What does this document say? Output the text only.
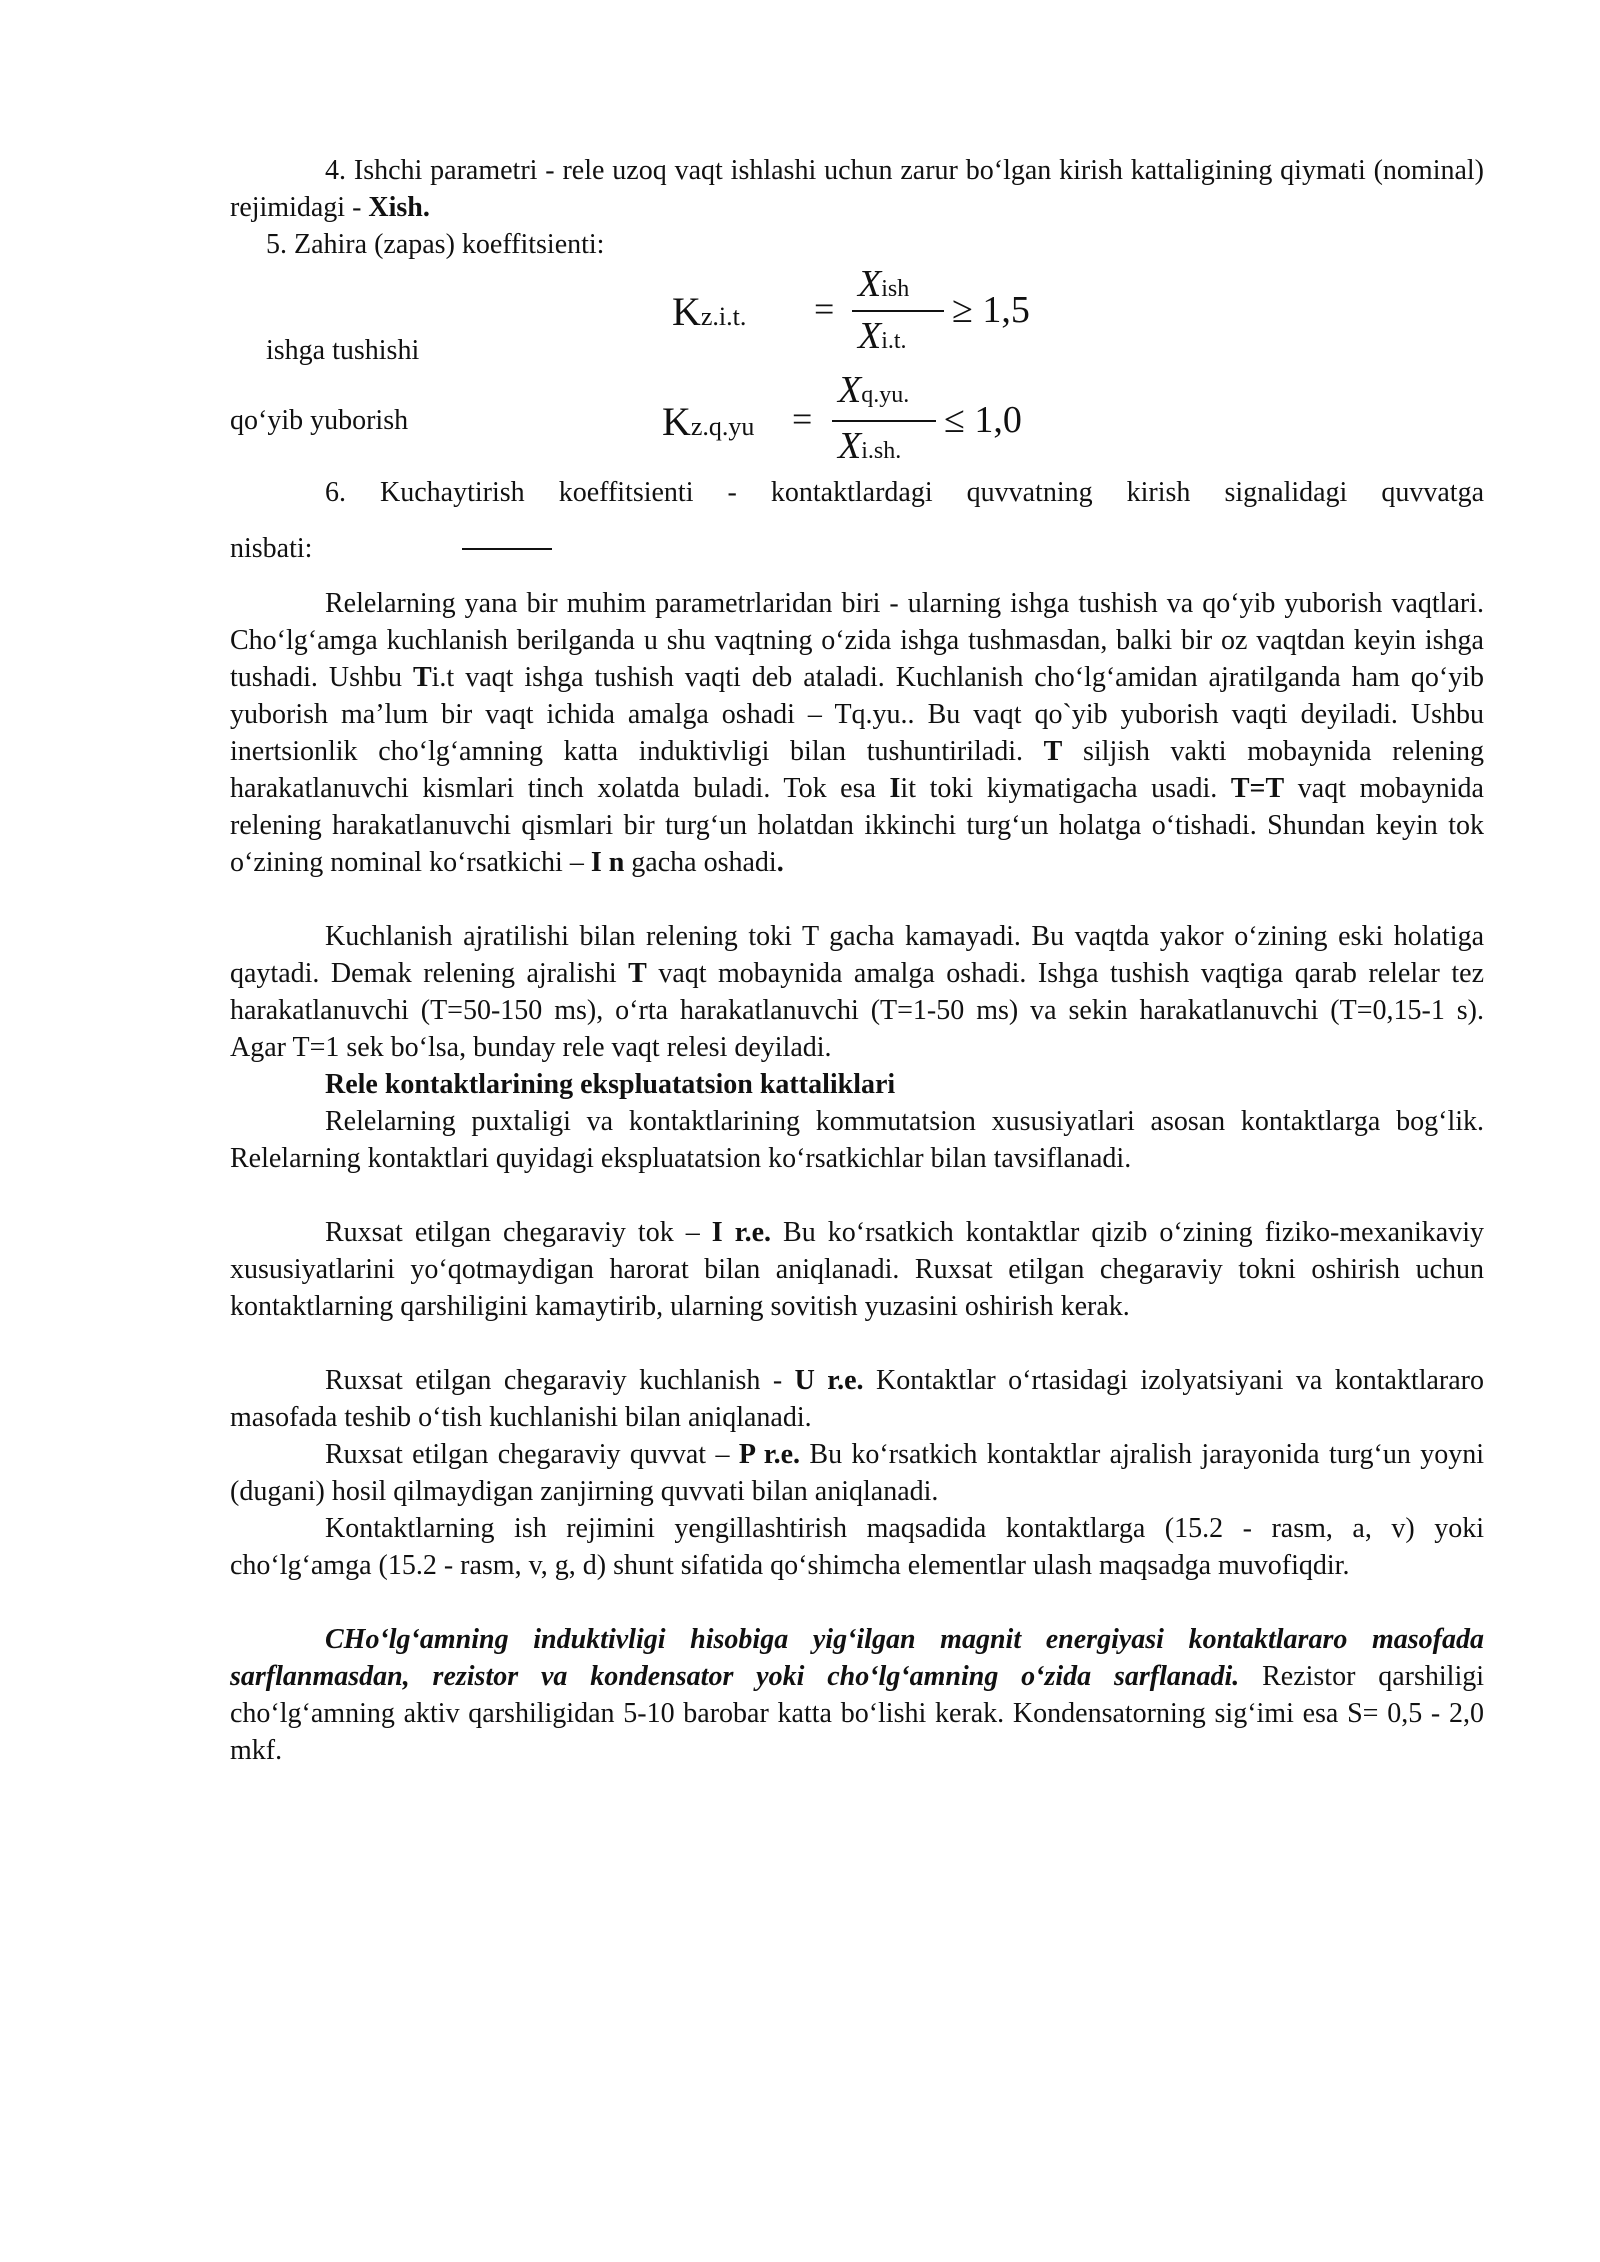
4. Ishchi parametri - rele uzoq vaqt ishlashi uchun zarur bo‘lgan kirish kattaligining qiymati (nominal) rejimidagi - Xish.
5. Zahira (zapas) koeffitsienti:
ishga tushishi
Kz.i.t. =
Xish
Xi.t.
≥ 1,5
qo‘yib yuborish	Kz.q.yu =
Xq.yu.
Xi.sh.
≤ 1,0
6. Kuchaytirish koeffitsienti - kontaktlardagi quvvatning kirish signalidagi quvvatga
nisbati:
Relelarning yana bir muhim parametrlaridan biri - ularning ishga tushish va qo‘yib yuborish vaqtlari. Cho‘lg‘amga kuchlanish berilganda u shu vaqtning o‘zida ishga tushmasdan, balki bir oz vaqtdan keyin ishga tushadi. Ushbu Ti.t vaqt ishga tushish vaqti deb ataladi. Kuchlanish cho‘lg‘amidan ajratilganda ham qo‘yib yuborish ma’lum bir vaqt ichida amalga oshadi – Tq.yu.. Bu vaqt qo`yib yuborish vaqti deyiladi. Ushbu inertsionlik cho‘lg‘amning katta induktivligi bilan tushuntiriladi. T siljish vakti mobaynida relening harakatlanuvchi kismlari tinch xolatda buladi. Tok esa Iit toki kiymatigacha usadi. T=T vaqt mobaynida relening harakatlanuvchi qismlari bir turg‘un holatdan ikkinchi turg‘un holatga o‘tishadi. Shundan keyin tok o‘zining nominal ko‘rsatkichi – I n gacha oshadi.
Kuchlanish ajratilishi bilan relening toki T gacha kamayadi. Bu vaqtda yakor o‘zining eski holatiga qaytadi. Demak relening ajralishi T vaqt mobaynida amalga oshadi. Ishga tushish vaqtiga qarab relelar tez harakatlanuvchi (T=50-150 ms), o‘rta harakatlanuvchi (T=1-50 ms) va sekin harakatlanuvchi (T=0,15-1 s). Agar T=1 sek bo‘lsa, bunday rele vaqt relesi deyiladi.
Rele kontaktlarining ekspluatatsion kattaliklari
Relelarning puxtaligi va kontaktlarining kommutatsion xususiyatlari asosan kontaktlarga bog‘lik. Relelarning kontaktlari quyidagi ekspluatatsion ko‘rsatkichlar bilan tavsiflanadi.
Ruxsat etilgan chegaraviy tok – I r.e. Bu ko‘rsatkich kontaktlar qizib o‘zining fiziko-mexanikaviy xususiyatlarini yo‘qotmaydigan harorat bilan aniqlanadi. Ruxsat etilgan chegaraviy tokni oshirish uchun kontaktlarning qarshiligini kamaytirib, ularning sovitish yuzasini oshirish kerak.
Ruxsat etilgan chegaraviy kuchlanish - U r.e. Kontaktlar o‘rtasidagi izolyatsiyani va kontaktlararo masofada teshib o‘tish kuchlanishi bilan aniqlanadi.
Ruxsat etilgan chegaraviy quvvat – P r.e. Bu ko‘rsatkich kontaktlar ajralish jarayonida turg‘un yoyni (dugani) hosil qilmaydigan zanjirning quvvati bilan aniqlanadi.
Kontaktlarning ish rejimini yengillashtirish maqsadida kontaktlarga (15.2 - rasm, a, v) yoki cho‘lg‘amga (15.2 - rasm, v, g, d) shunt sifatida qo‘shimcha elementlar ulash maqsadga muvofiqdir.
CHo‘lg‘amning induktivligi hisobiga yig‘ilgan magnit energiyasi kontaktlararo masofada sarflanmasdan, rezistor va kondensator yoki cho‘lg‘amning o‘zida sarflanadi. Rezistor qarshiligi cho‘lg‘amning aktiv qarshiligidan 5-10 barobar katta bo‘lishi kerak. Kondensatorning sig‘imi esa S= 0,5 - 2,0 mkf.
